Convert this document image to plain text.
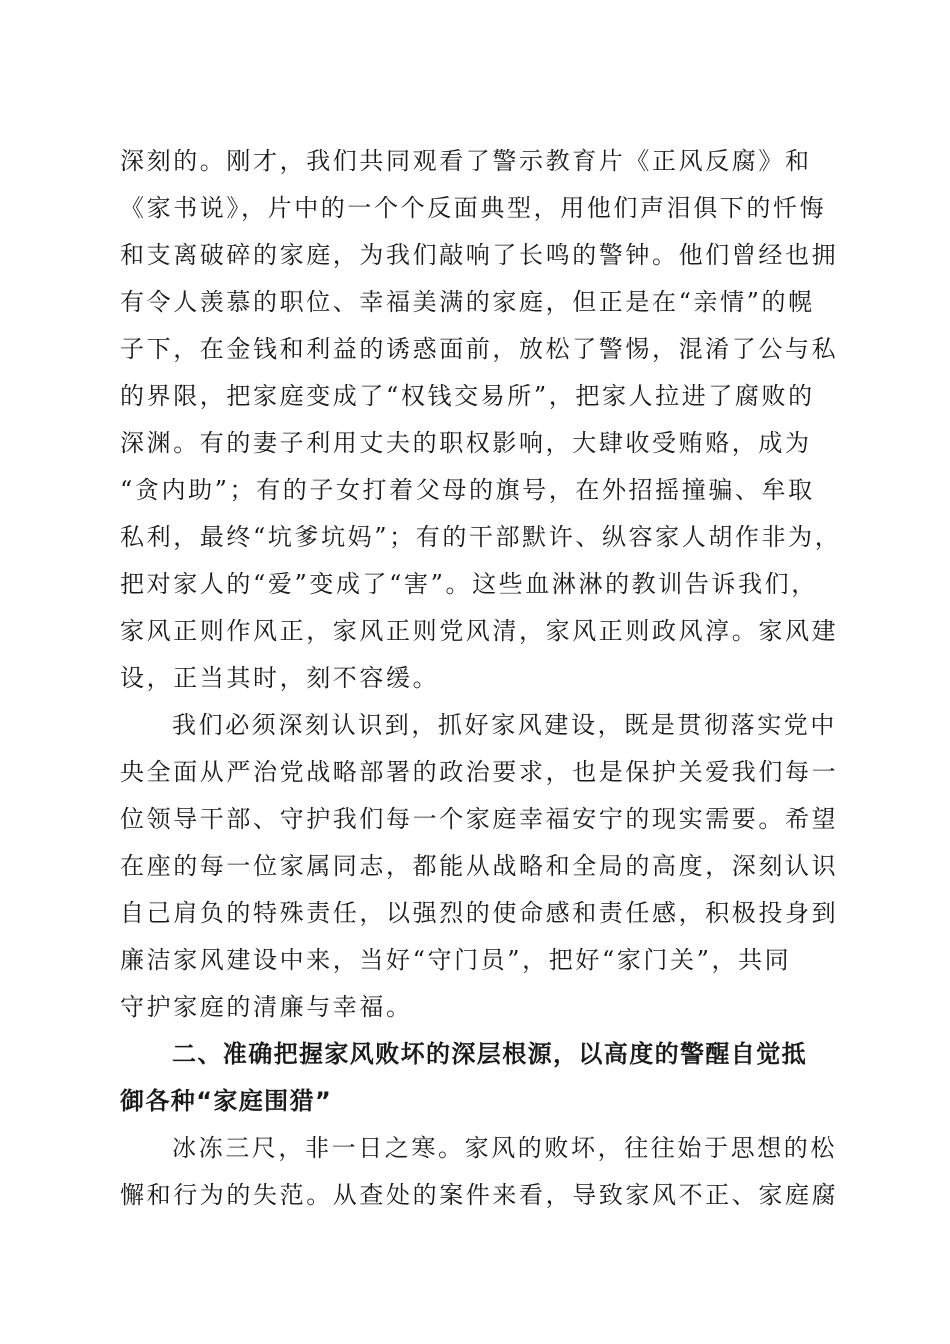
深刻的。刚才，我们共同观看了警示教育片《正风反腐》和
《家书说》，片中的一个个反面典型，用他们声泪俱下的忏悔
和支离破碎的家庭，为我们敲响了长鸣的警钟。他们曾经也拥
有令人羡慕的职位、幸福美满的家庭，但正是在“亲情”的幌
子下，在金钱和利益的诱惑面前，放松了警惕，混淆了公与私
的界限，把家庭变成了“权钱交易所”，把家人拉进了腐败的
深渊。有的妻子利用丈夫的职权影响，大肆收受贿赂，成为
“贪内助”；有的子女打着父母的旗号，在外招摇撞骗、牟取
私利，最终“坑爹坑妈”；有的干部默许、纵容家人胡作非为，
把对家人的“爱”变成了“害”。这些血淋淋的教训告诉我们，
家风正则作风正，家风正则党风清，家风正则政风淳。家风建
设，正当其时，刻不容缓。
我们必须深刻认识到，抓好家风建设，既是贯彻落实党中
央全面从严治党战略部署的政治要求，也是保护关爱我们每一
位领导干部、守护我们每一个家庭幸福安宁的现实需要。希望
在座的每一位家属同志，都能从战略和全局的高度，深刻认识
自己肩负的特殊责任，以强烈的使命感和责任感，积极投身到
廉洁家风建设中来，当好“守门员”，把好“家门关”，共同
守护家庭的清廉与幸福。
二、准确把握家风败坏的深层根源，以高度的警醒自觉抵
御各种“家庭围猎”
冰冻三尺，非一日之寒。家风的败坏，往往始于思想的松
懈和行为的失范。从查处的案件来看，导致家风不正、家庭腐
